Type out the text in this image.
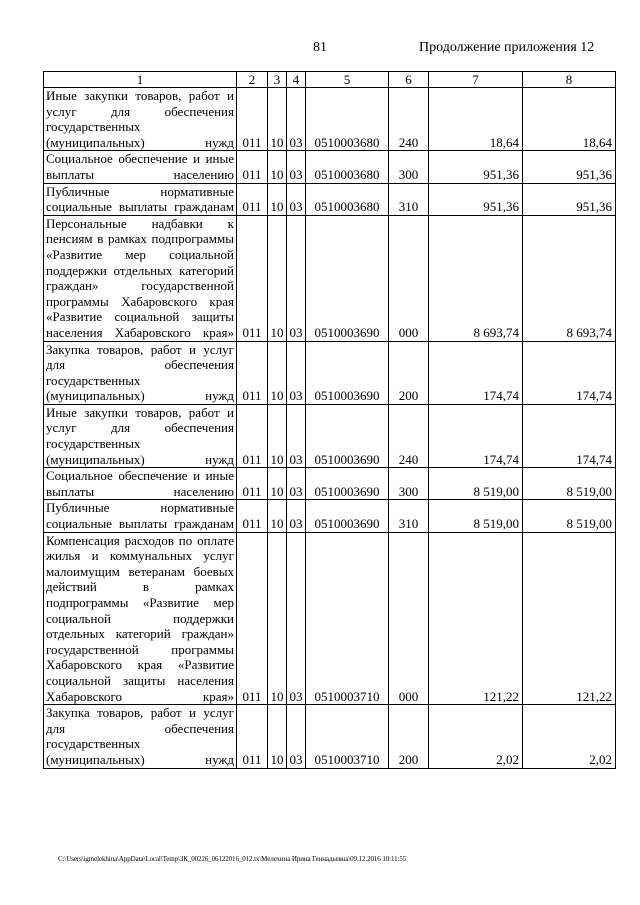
81	Продолжение приложения 12
1	2	3	4	5	6	7	8
Иные закупки товаров, работ и услуг для обеспечения государственных (муниципальных) нужд	011	10	03	0510003680	240	18,64	18,64
Социальное обеспечение и иные выплаты населению	011	10	03	0510003680	300	951,36	951,36
Публичные нормативные социальные выплаты гражданам	011	10	03	0510003680	310	951,36	951,36
Персональные надбавки к пенсиям в рамках подпрограммы «Развитие мер социальной поддержки отдельных категорий граждан» государственной программы Хабаровского края «Развитие социальной защиты населения Хабаровского края»	011	10	03	0510003690	000	8 693,74	8 693,74
Закупка товаров, работ и услуг для обеспечения государственных (муниципальных) нужд	011	10	03	0510003690	200	174,74	174,74
Иные закупки товаров, работ и услуг для обеспечения государственных (муниципальных) нужд	011	10	03	0510003690	240	174,74	174,74
Социальное обеспечение и иные выплаты населению	011	10	03	0510003690	300	8 519,00	8 519,00
Публичные нормативные социальные выплаты гражданам	011	10	03	0510003690	310	8 519,00	8 519,00
Компенсация расходов по оплате жилья и коммунальных услуг малоимущим ветеранам боевых действий в рамках подпрограммы «Развитие мер социальной поддержки отдельных категорий граждан» государственной программы Хабаровского края «Развитие социальной защиты населения Хабаровского края»	011	10	03	0510003710	000	121,22	121,22
Закупка товаров, работ и услуг для обеспечения государственных (муниципальных) нужд	011	10	03	0510003710	200	2,02	2,02
C:\Users\igmelekhina\AppData\Local\Temp\ЗК_00226_06122016_012.tx\Мелехина Ирина Геннадьевна\09.12.2016 10:11:55
